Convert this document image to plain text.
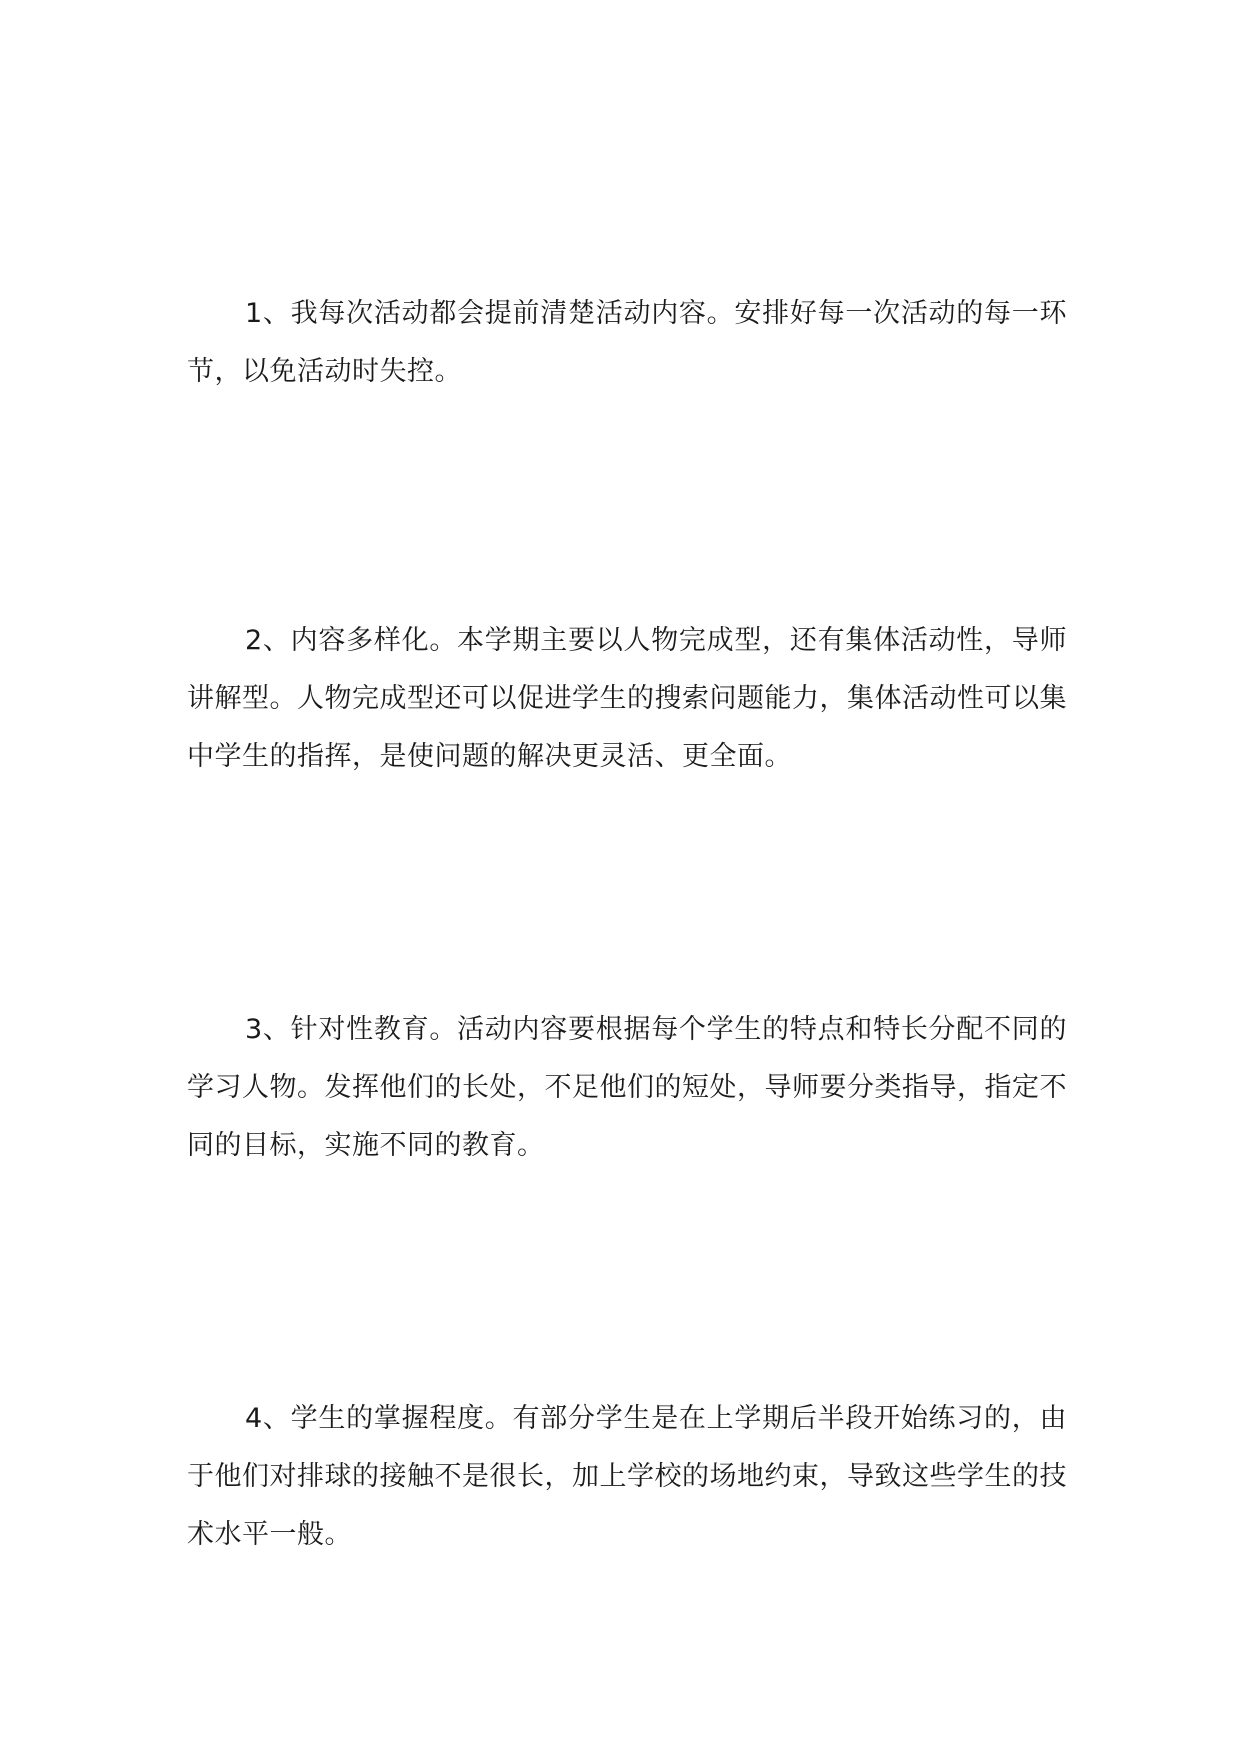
1、我每次活动都会提前清楚活动内容。安排好每一次活动的每一环节，以免活动时失控。

2、内容多样化。本学期主要以人物完成型，还有集体活动性，导师讲解型。人物完成型还可以促进学生的搜索问题能力，集体活动性可以集中学生的指挥，是使问题的解决更灵活、更全面。

3、针对性教育。活动内容要根据每个学生的特点和特长分配不同的学习人物。发挥他们的长处，不足他们的短处，导师要分类指导，指定不同的目标，实施不同的教育。

4、学生的掌握程度。有部分学生是在上学期后半段开始练习的，由于他们对排球的接触不是很长，加上学校的场地约束，导致这些学生的技术水平一般。
